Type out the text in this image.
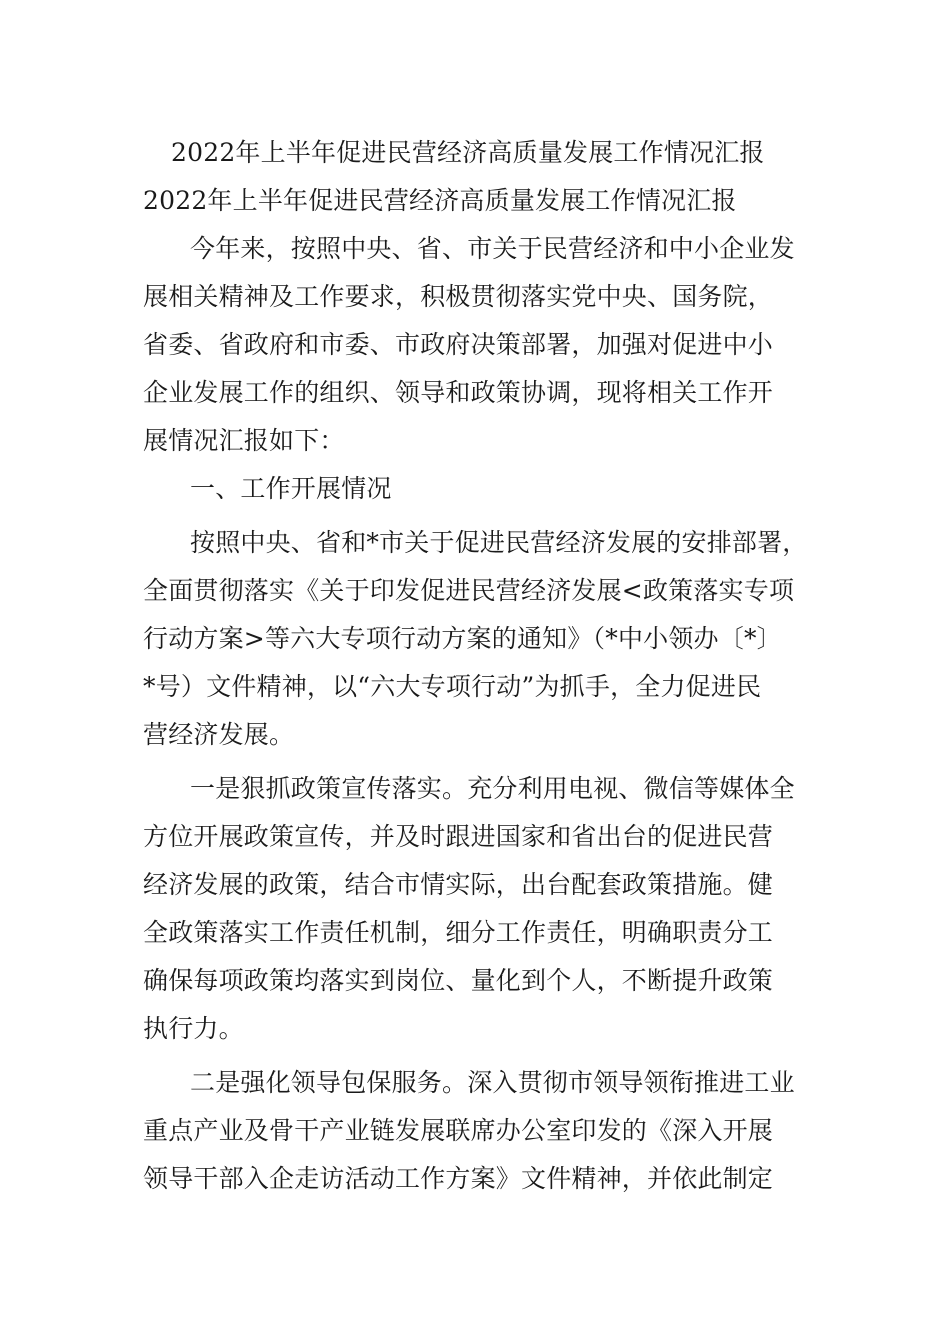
2022年上半年促进民营经济高质量发展工作情况汇报

2022年上半年促进民营经济高质量发展工作情况汇报

今年来，按照中央、省、市关于民营经济和中小企业发

展相关精神及工作要求，积极贯彻落实党中央、国务院，

省委、省政府和市委、市政府决策部署，加强对促进中小

企业发展工作的组织、领导和政策协调，现将相关工作开

展情况汇报如下：

一、工作开展情况

按照中央、省和*市关于促进民营经济发展的安排部署，

全面贯彻落实《关于印发促进民营经济发展<政策落实专项

行动方案>等六大专项行动方案的通知》（*中小领办〔*〕

*号）文件精神，以“六大专项行动”为抓手，全力促进民

营经济发展。

一是狠抓政策宣传落实。充分利用电视、微信等媒体全

方位开展政策宣传，并及时跟进国家和省出台的促进民营

经济发展的政策，结合市情实际，出台配套政策措施。健

全政策落实工作责任机制，细分工作责任，明确职责分工

确保每项政策均落实到岗位、量化到个人，不断提升政策

执行力。

二是强化领导包保服务。深入贯彻市领导领衔推进工业

重点产业及骨干产业链发展联席办公室印发的《深入开展

领导干部入企走访活动工作方案》文件精神，并依此制定
